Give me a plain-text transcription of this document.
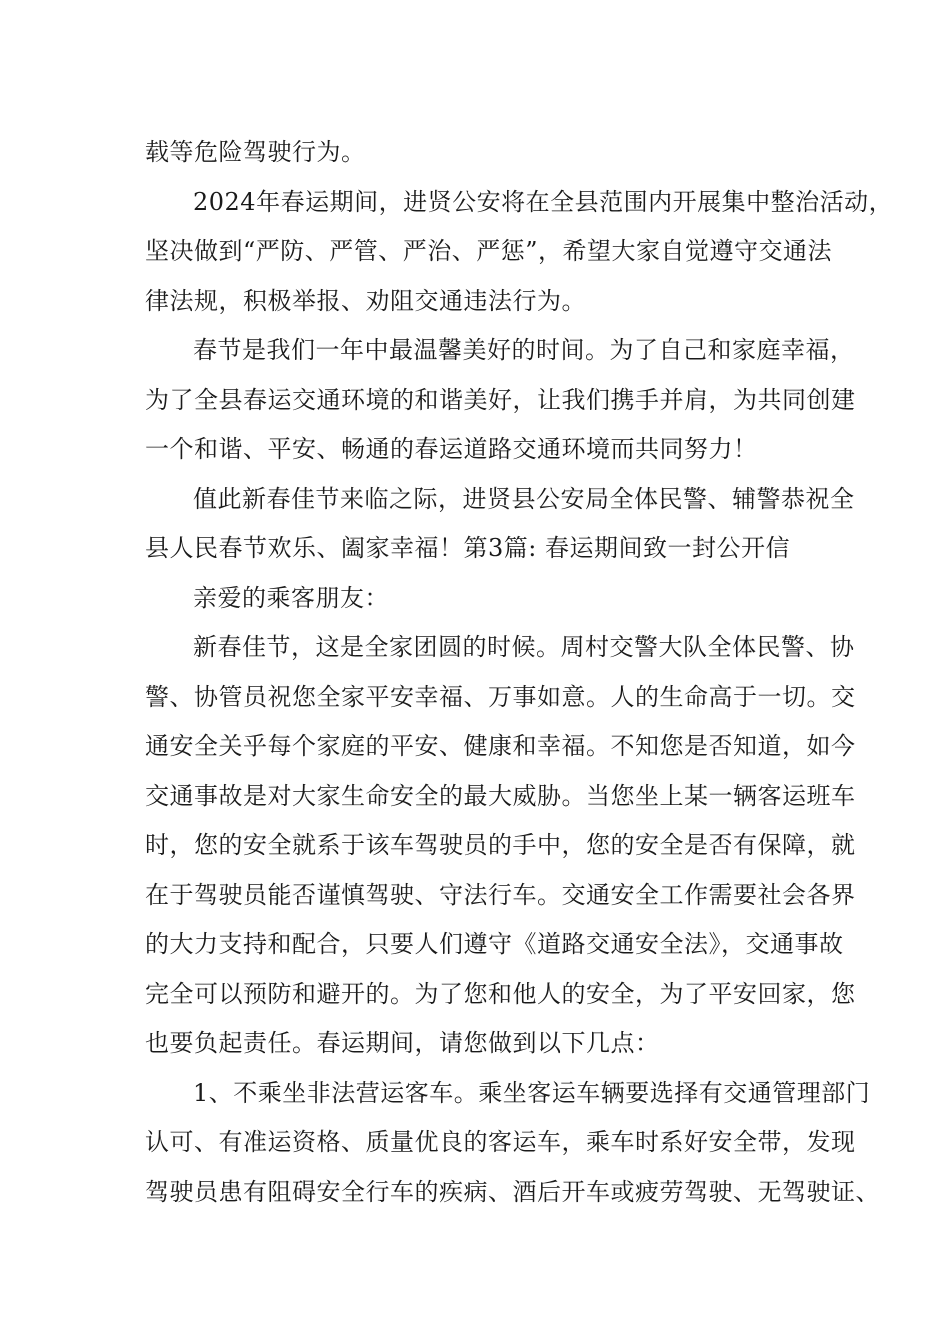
载等危险驾驶行为。
2024年春运期间，进贤公安将在全县范围内开展集中整治活动，
坚决做到“严防、严管、严治、严惩”，希望大家自觉遵守交通法
律法规，积极举报、劝阻交通违法行为。
春节是我们一年中最温馨美好的时间。为了自己和家庭幸福，
为了全县春运交通环境的和谐美好，让我们携手并肩，为共同创建
一个和谐、平安、畅通的春运道路交通环境而共同努力！
值此新春佳节来临之际，进贤县公安局全体民警、辅警恭祝全
县人民春节欢乐、阖家幸福！第3篇: 春运期间致一封公开信
亲爱的乘客朋友：
新春佳节，这是全家团圆的时候。周村交警大队全体民警、协
警、协管员祝您全家平安幸福、万事如意。人的生命高于一切。交
通安全关乎每个家庭的平安、健康和幸福。不知您是否知道，如今
交通事故是对大家生命安全的最大威胁。当您坐上某一辆客运班车
时，您的安全就系于该车驾驶员的手中，您的安全是否有保障，就
在于驾驶员能否谨慎驾驶、守法行车。交通安全工作需要社会各界
的大力支持和配合，只要人们遵守《道路交通安全法》，交通事故
完全可以预防和避开的。为了您和他人的安全，为了平安回家，您
也要负起责任。春运期间，请您做到以下几点：
1、不乘坐非法营运客车。乘坐客运车辆要选择有交通管理部门
认可、有准运资格、质量优良的客运车，乘车时系好安全带，发现
驾驶员患有阻碍安全行车的疾病、酒后开车或疲劳驾驶、无驾驶证、
